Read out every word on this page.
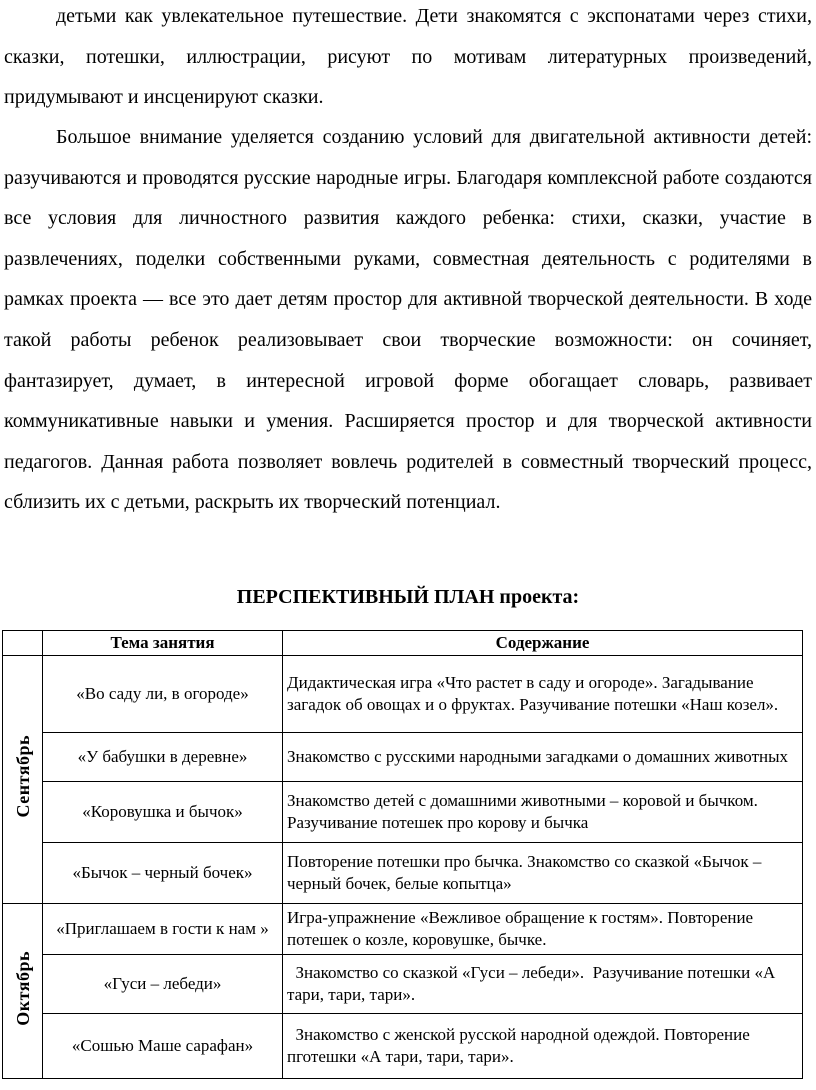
детьми как увлекательное путешествие. Дети знакомятся с экспонатами через стихи, сказки, потешки, иллюстрации, рисуют по мотивам литературных произведений, придумывают и инсценируют сказки.

Большое внимание уделяется созданию условий для двигательной активности детей: разучиваются и проводятся русские народные игры. Благодаря комплексной работе создаются все условия для личностного развития каждого ребенка: стихи, сказки, участие в развлечениях, поделки собственными руками, совместная деятельность с родителями в рамках проекта — все это дает детям простор для активной творческой деятельности. В ходе такой работы ребенок реализовывает свои творческие возможности: он сочиняет, фантазирует, думает, в интересной игровой форме обогащает словарь, развивает коммуникативные навыки и умения. Расширяется простор и для творческой активности педагогов. Данная работа позволяет вовлечь родителей в совместный творческий процесс, сблизить их с детьми, раскрыть их творческий потенциал.

ПЕРСПЕКТИВНЫЙ ПЛАН проекта:
	Тема занятия	Содержание
Сентябрь	«Во саду ли, в огороде»	Дидактическая игра «Что растет в саду и огороде». Загадывание загадок об овощах и о фруктах. Разучивание потешки «Наш козел».
	«У бабушки в деревне»	Знакомство с русскими народными загадками о домашних животных
	«Коровушка и бычок»	Знакомство детей с домашними животными – коровой и бычком. Разучивание потешек про корову и бычка
	«Бычок – черный бочек»	Повторение потешки про бычка. Знакомство со сказкой «Бычок – черный бочек, белые копытца»
Октябрь	«Приглашаем в гости к нам »	Игра-упражнение «Вежливое обращение к гостям». Повторение потешек о козле, коровушке, бычке.
	«Гуси – лебеди»	Знакомство со сказкой «Гуси – лебеди».  Разучивание потешки «А тари, тари, тари».
	«Сошью Маше сарафан»	Знакомство с женской русской народной одеждой. Повторение пготешки «А тари, тари, тари».
